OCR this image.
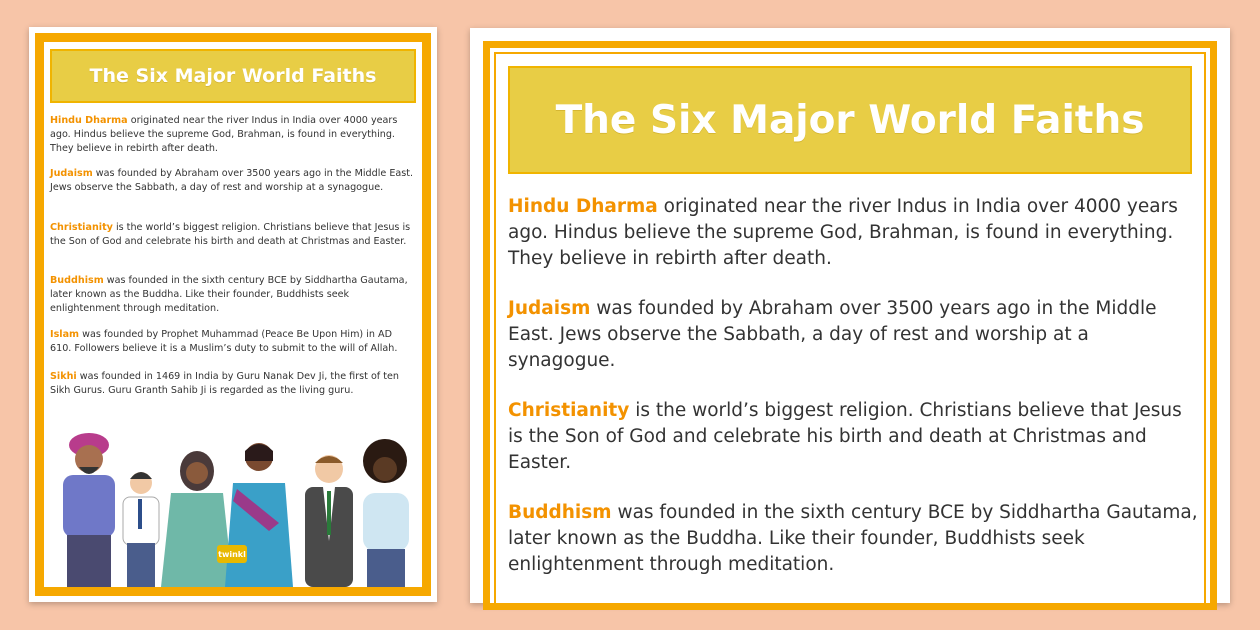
The Six Major World Faiths

Hindu Dharma originated near the river Indus in India over 4000 years ago. Hindus believe the supreme God, Brahman, is found in everything. They believe in rebirth after death.

Judaism was founded by Abraham over 3500 years ago in the Middle East. Jews observe the Sabbath, a day of rest and worship at a synagogue.

Christianity is the world’s biggest religion. Christians believe that Jesus is the Son of God and celebrate his birth and death at Christmas and Easter.

Buddhism was founded in the sixth century BCE by Siddhartha Gautama, later known as the Buddha. Like their founder, Buddhists seek enlightenment through meditation.

Islam was founded by Prophet Muhammad (Peace Be Upon Him) in AD 610. Followers believe it is a Muslim’s duty to submit to the will of Allah.

Sikhi was founded in 1469 in India by Guru Nanak Dev Ji, the first of ten Sikh Gurus. Guru Granth Sahib Ji is regarded as the living guru.

twinkl
The Six Major World Faiths

Hindu Dharma originated near the river Indus in India over 4000 years ago. Hindus believe the supreme God, Brahman, is found in everything. They believe in rebirth after death.

Judaism was founded by Abraham over 3500 years ago in the Middle East. Jews observe the Sabbath, a day of rest and worship at a synagogue.

Christianity is the world’s biggest religion. Christians believe that Jesus is the Son of God and celebrate his birth and death at Christmas and Easter.

Buddhism was founded in the sixth century BCE by Siddhartha Gautama, later known as the Buddha. Like their founder, Buddhists seek enlightenment through meditation.
